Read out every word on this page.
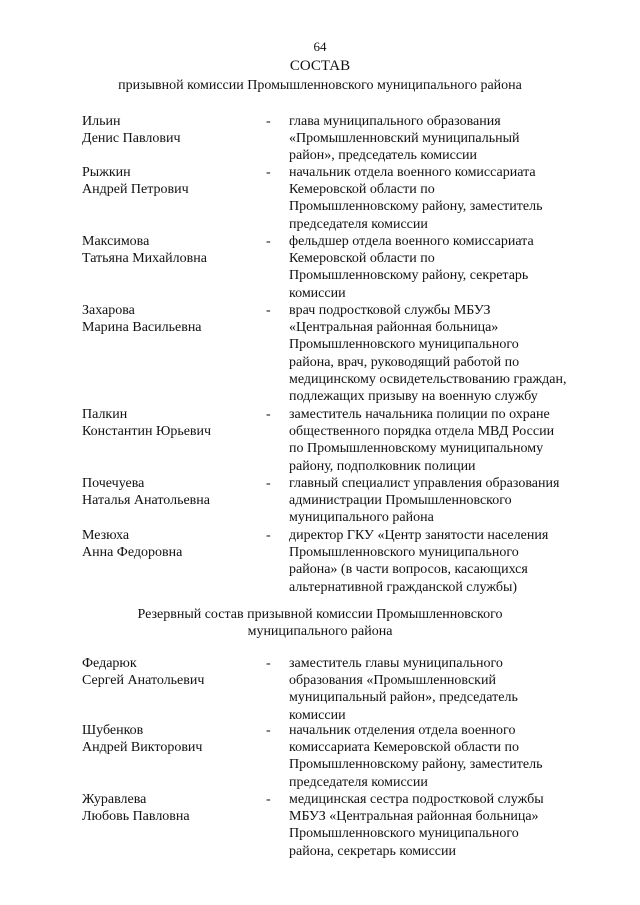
64
СОСТАВ
призывной комиссии Промышленновского муниципального района
Ильин
Денис Павлович
- глава муниципального образования
«Промышленновский муниципальный
район», председатель комиссии
Рыжкин
Андрей Петрович
- начальник отдела военного комиссариата
Кемеровской области по
Промышленновскому району, заместитель
председателя комиссии
Максимова
Татьяна Михайловна
- фельдшер отдела военного комиссариата
Кемеровской области по
Промышленновскому району, секретарь
комиссии
Захарова
Марина Васильевна
- врач подростковой службы МБУЗ
«Центральная районная больница»
Промышленновского муниципального
района, врач, руководящий работой по
медицинскому освидетельствованию граждан,
подлежащих призыву на военную службу
Палкин
Константин Юрьевич
- заместитель начальника полиции по охране
общественного порядка отдела МВД России
по Промышленновскому муниципальному
району, подполковник полиции
Почечуева
Наталья Анатольевна
- главный специалист управления образования
администрации Промышленновского
муниципального района
Мезюха
Анна Федоровна
- директор ГКУ «Центр занятости населения
Промышленновского муниципального
района» (в части вопросов, касающихся
альтернативной гражданской службы)
Резервный состав призывной комиссии Промышленновского
муниципального района
Федарюк
Сергей Анатольевич
- заместитель главы муниципального
образования «Промышленновский
муниципальный район», председатель
комиссии
Шубенков
Андрей Викторович
- начальник отделения отдела военного
комиссариата Кемеровской области по
Промышленновскому району, заместитель
председателя комиссии
Журавлева
Любовь Павловна
- медицинская сестра подростковой службы
МБУЗ «Центральная районная больница»
Промышленновского муниципального
района, секретарь комиссии
